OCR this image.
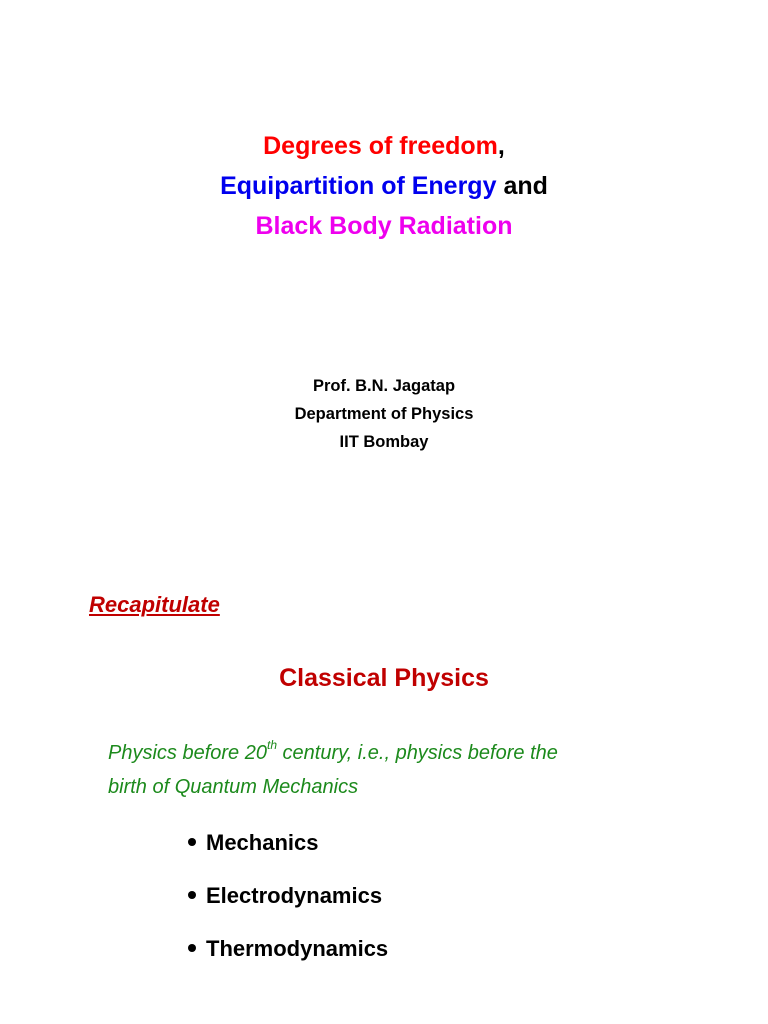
Degrees of freedom,
Equipartition of Energy and
Black Body Radiation
Prof. B.N. Jagatap
Department of Physics
IIT Bombay
Recapitulate
Classical Physics
Physics before 20th century, i.e., physics before the
birth of Quantum Mechanics
Mechanics
Electrodynamics
Thermodynamics
